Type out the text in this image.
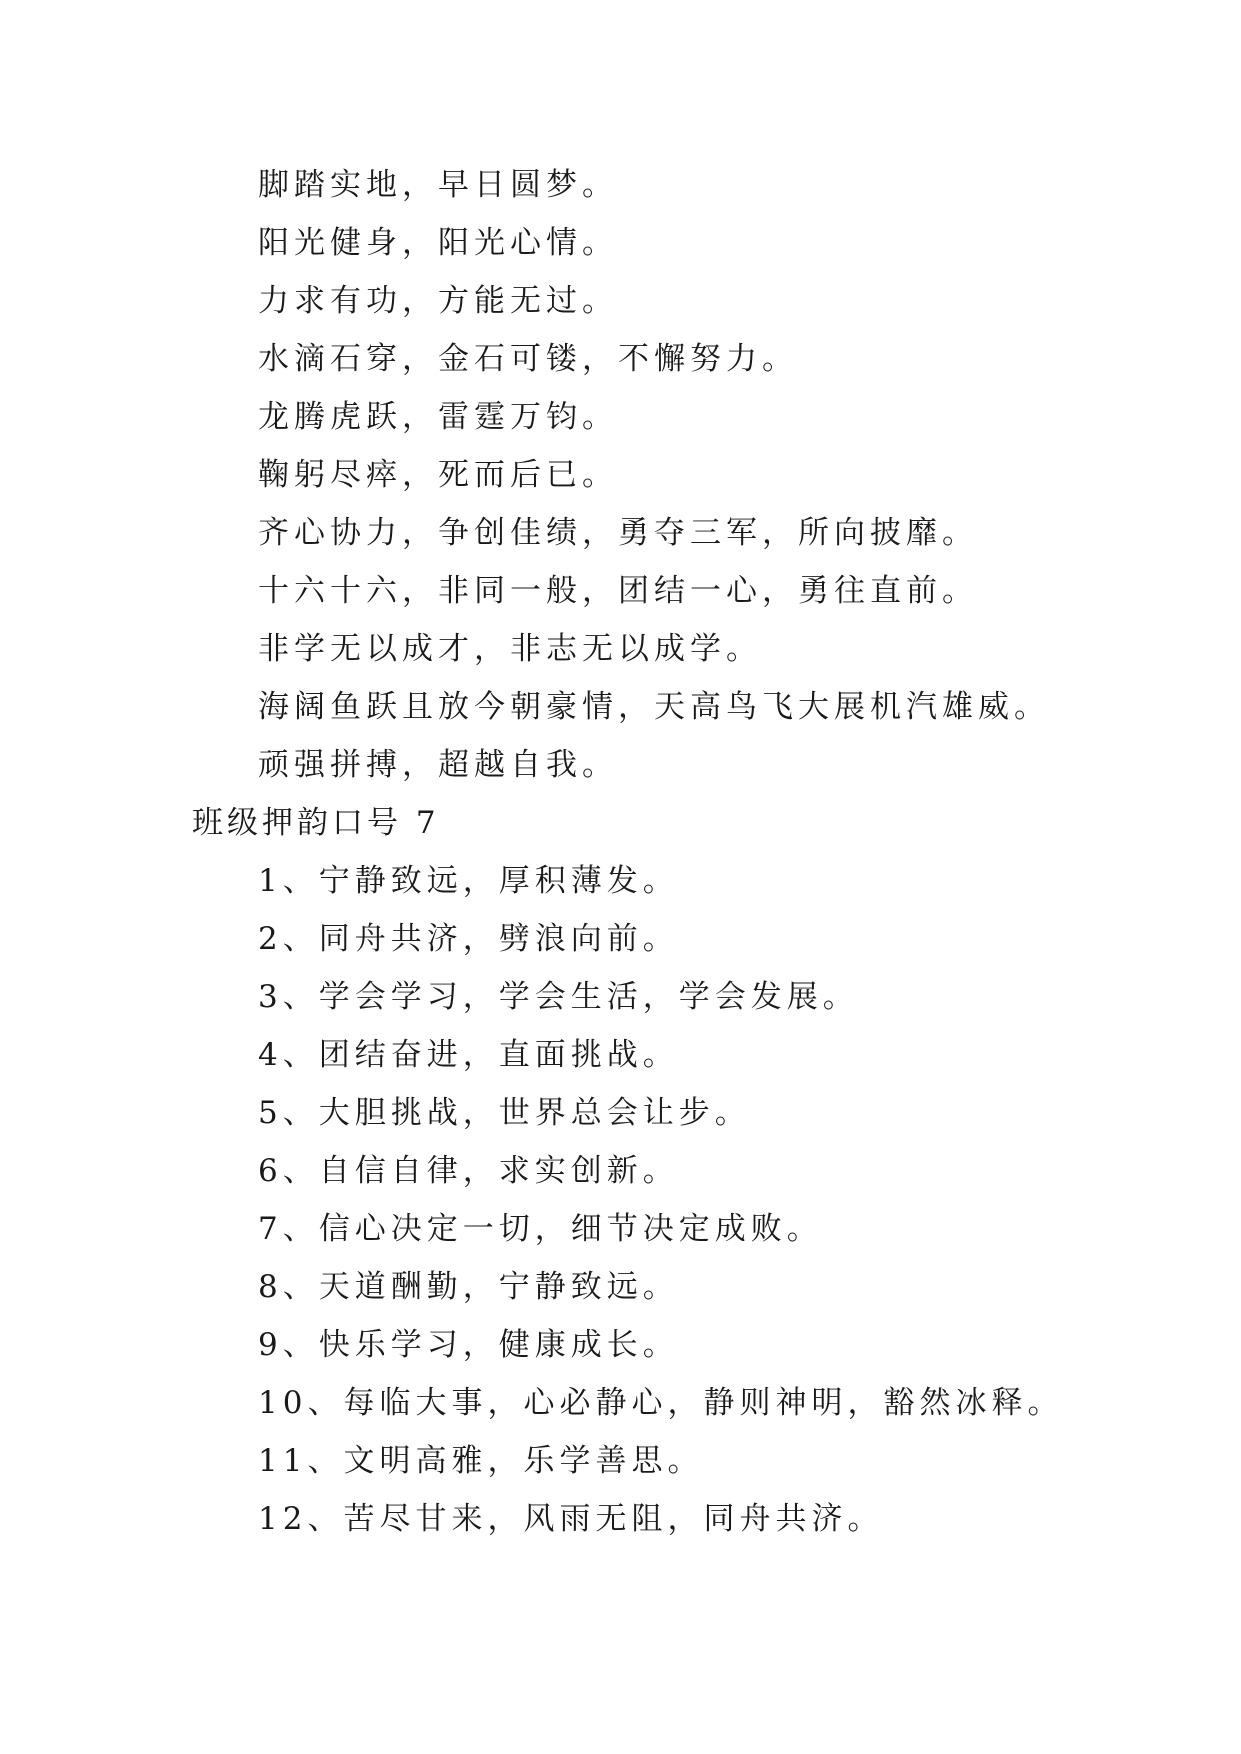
脚踏实地，早日圆梦。
阳光健身，阳光心情。
力求有功，方能无过。
水滴石穿，金石可镂，不懈努力。
龙腾虎跃，雷霆万钧。
鞠躬尽瘁，死而后已。
齐心协力，争创佳绩，勇夺三军，所向披靡。
十六十六，非同一般，团结一心，勇往直前。
非学无以成才，非志无以成学。
海阔鱼跃且放今朝豪情，天高鸟飞大展机汽雄威。
顽强拼搏，超越自我。
班级押韵口号 7
1、宁静致远，厚积薄发。
2、同舟共济，劈浪向前。
3、学会学习，学会生活，学会发展。
4、团结奋进，直面挑战。
5、大胆挑战，世界总会让步。
6、自信自律，求实创新。
7、信心决定一切，细节决定成败。
8、天道酬勤，宁静致远。
9、快乐学习，健康成长。
10、每临大事，心必静心，静则神明，豁然冰释。
11、文明高雅，乐学善思。
12、苦尽甘来，风雨无阻，同舟共济。
